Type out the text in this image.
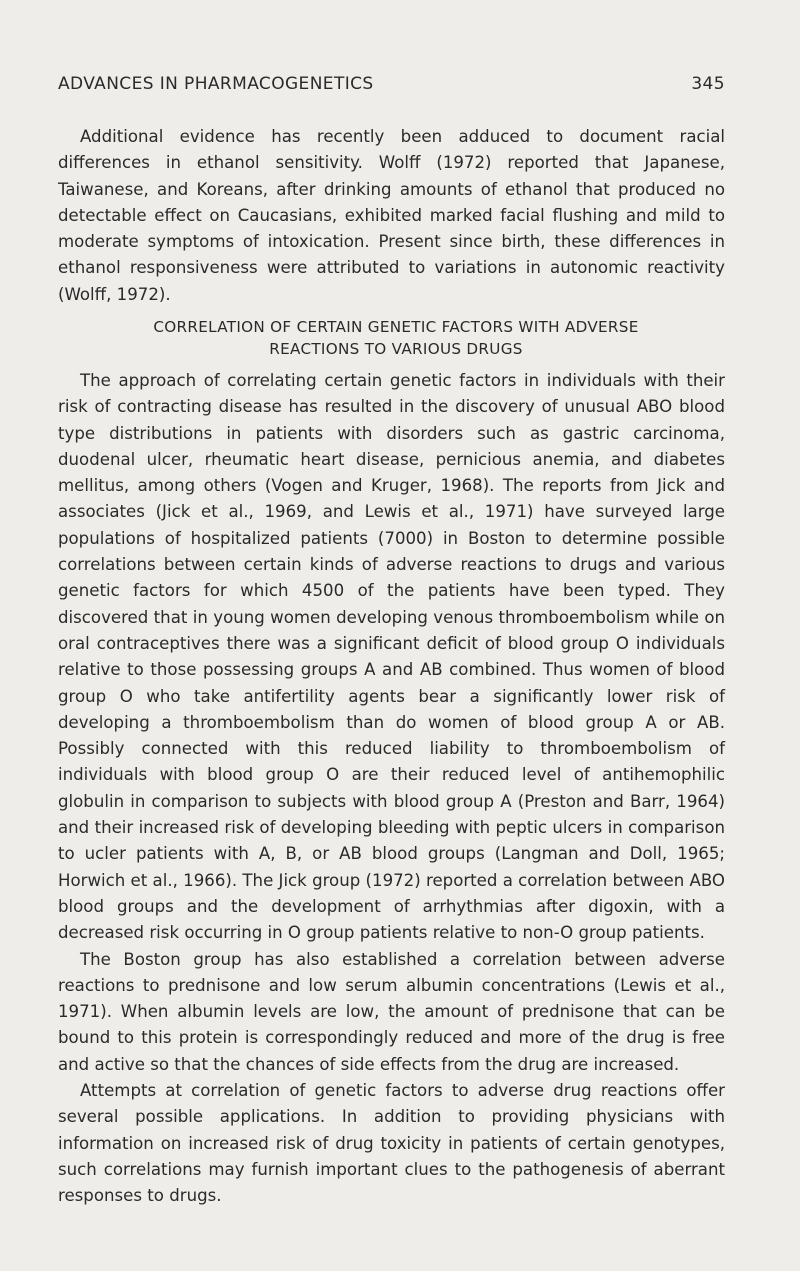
ADVANCES IN PHARMACOGENETICS	345

Additional evidence has recently been adduced to document racial differences in ethanol sensitivity. Wolff (1972) reported that Japanese, Taiwanese, and Koreans, after drinking amounts of ethanol that produced no detectable effect on Caucasians, exhibited marked facial flushing and mild to moderate symptoms of intoxication. Present since birth, these differences in ethanol responsiveness were attributed to variations in autonomic reactivity (Wolff, 1972).

CORRELATION OF CERTAIN GENETIC FACTORS WITH ADVERSE
REACTIONS TO VARIOUS DRUGS

The approach of correlating certain genetic factors in individuals with their risk of contracting disease has resulted in the discovery of unusual ABO blood type distributions in patients with disorders such as gastric carcinoma, duodenal ulcer, rheumatic heart disease, pernicious anemia, and diabetes mellitus, among others (Vogen and Kruger, 1968). The reports from Jick and associates (Jick et al., 1969, and Lewis et al., 1971) have surveyed large populations of hospitalized patients (7000) in Boston to determine possible correlations between certain kinds of adverse reactions to drugs and various genetic factors for which 4500 of the patients have been typed. They discovered that in young women developing venous thromboembolism while on oral contraceptives there was a significant deficit of blood group O individuals relative to those possessing groups A and AB combined. Thus women of blood group O who take antifertility agents bear a significantly lower risk of developing a thromboembolism than do women of blood group A or AB. Possibly connected with this reduced liability to thromboembolism of individuals with blood group O are their reduced level of antihemophilic globulin in comparison to subjects with blood group A (Preston and Barr, 1964) and their increased risk of developing bleeding with peptic ulcers in comparison to ucler patients with A, B, or AB blood groups (Langman and Doll, 1965; Horwich et al., 1966). The Jick group (1972) reported a correlation between ABO blood groups and the development of arrhythmias after digoxin, with a decreased risk occurring in O group patients relative to non-O group patients.

The Boston group has also established a correlation between adverse reactions to prednisone and low serum albumin concentrations (Lewis et al., 1971). When albumin levels are low, the amount of prednisone that can be bound to this protein is correspondingly reduced and more of the drug is free and active so that the chances of side effects from the drug are increased.

Attempts at correlation of genetic factors to adverse drug reactions offer several possible applications. In addition to providing physicians with information on increased risk of drug toxicity in patients of certain genotypes, such correlations may furnish important clues to the pathogenesis of aberrant responses to drugs.
